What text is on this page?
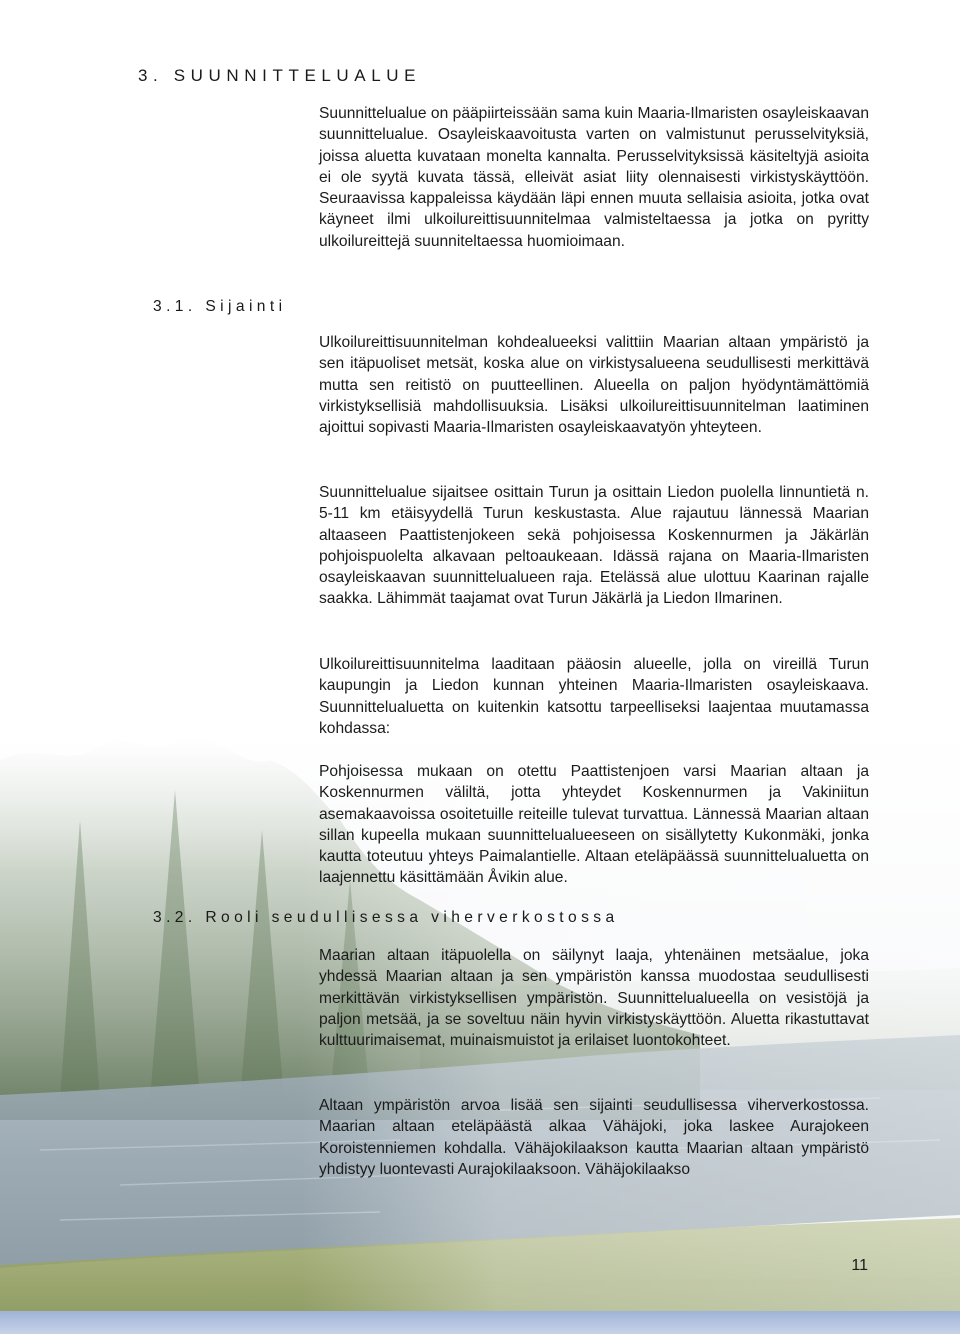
3. SUUNNITTELUALUE
3.1. Sijainti
3.2. Rooli seudullisessa viherverkostossa

Suunnittelualue on pääpiirteissään sama kuin Maaria-Ilmaristen osayleiskaavan suunnittelualue. Osayleiskaavoitusta varten on valmistunut perusselvityksiä, joissa aluetta kuvataan monelta kannalta. Perusselvityksissä käsiteltyjä asioita ei ole syytä kuvata tässä, elleivät asiat liity olennaisesti virkistyskäyttöön. Seuraavissa kappaleissa käydään läpi ennen muuta sellaisia asioita, jotka ovat käyneet ilmi ulkoilureittisuunnitelmaa valmisteltaessa ja jotka on pyritty ulkoilureittejä suunniteltaessa huomioimaan.

Ulkoilureittisuunnitelman kohdealueeksi valittiin Maarian altaan ympäristö ja sen itäpuoliset metsät, koska alue on virkistysalueena seudullisesti merkittävä mutta sen reitistö on puutteellinen. Alueella on paljon hyödyntämättömiä virkistyksellisiä mahdollisuuksia. Lisäksi ulkoilureittisuunnitelman laatiminen ajoittui sopivasti Maaria-Ilmaristen osayleiskaavatyön yhteyteen.

Suunnittelualue sijaitsee osittain Turun ja osittain Liedon puolella linnuntietä n. 5-11 km etäisyydellä Turun keskustasta. Alue rajautuu lännessä Maarian altaaseen Paattistenjokeen sekä pohjoisessa Koskennurmen ja Jäkärlän pohjoispuolelta alkavaan peltoaukeaan. Idässä rajana on Maaria-Ilmaristen osayleiskaavan suunnittelualueen raja. Etelässä alue ulottuu Kaarinan rajalle saakka. Lähimmät taajamat ovat Turun Jäkärlä ja Liedon Ilmarinen.

Ulkoilureittisuunnitelma laaditaan pääosin alueelle, jolla on vireillä Turun kaupungin ja Liedon kunnan yhteinen Maaria-Ilmaristen osayleiskaava. Suunnittelualuetta on kuitenkin katsottu tarpeelliseksi laajentaa muutamassa kohdassa:

Pohjoisessa mukaan on otettu Paattistenjoen varsi Maarian altaan ja Koskennurmen väliltä, jotta yhteydet Koskennurmen ja Vakiniitun asemakaavoissa osoitetuille reiteille tulevat turvattua. Lännessä Maarian altaan sillan kupeella mukaan suunnittelualueeseen on sisällytetty Kukonmäki, jonka kautta toteutuu yhteys Paimalantielle. Altaan eteläpäässä suunnittelualuetta on laajennettu käsittämään Åvikin alue.

Maarian altaan itäpuolella on säilynyt laaja, yhtenäinen metsäalue, joka yhdessä Maarian altaan ja sen ympäristön kanssa muodostaa seudullisesti merkittävän virkistyksellisen ympäristön. Suunnittelualueella on vesistöjä ja paljon metsää, ja se soveltuu näin hyvin virkistyskäyttöön. Aluetta rikastuttavat kulttuurimaisemat, muinaismuistot ja erilaiset luontokohteet.

Altaan ympäristön arvoa lisää sen sijainti seudullisessa viherverkostossa. Maarian altaan eteläpäästä alkaa Vähäjoki, joka laskee Aurajokeen Koroistenniemen kohdalla. Vähäjokilaakson kautta Maarian altaan ympäristö yhdistyy luontevasti Aurajokilaaksoon. Vähäjokilaakso

11
